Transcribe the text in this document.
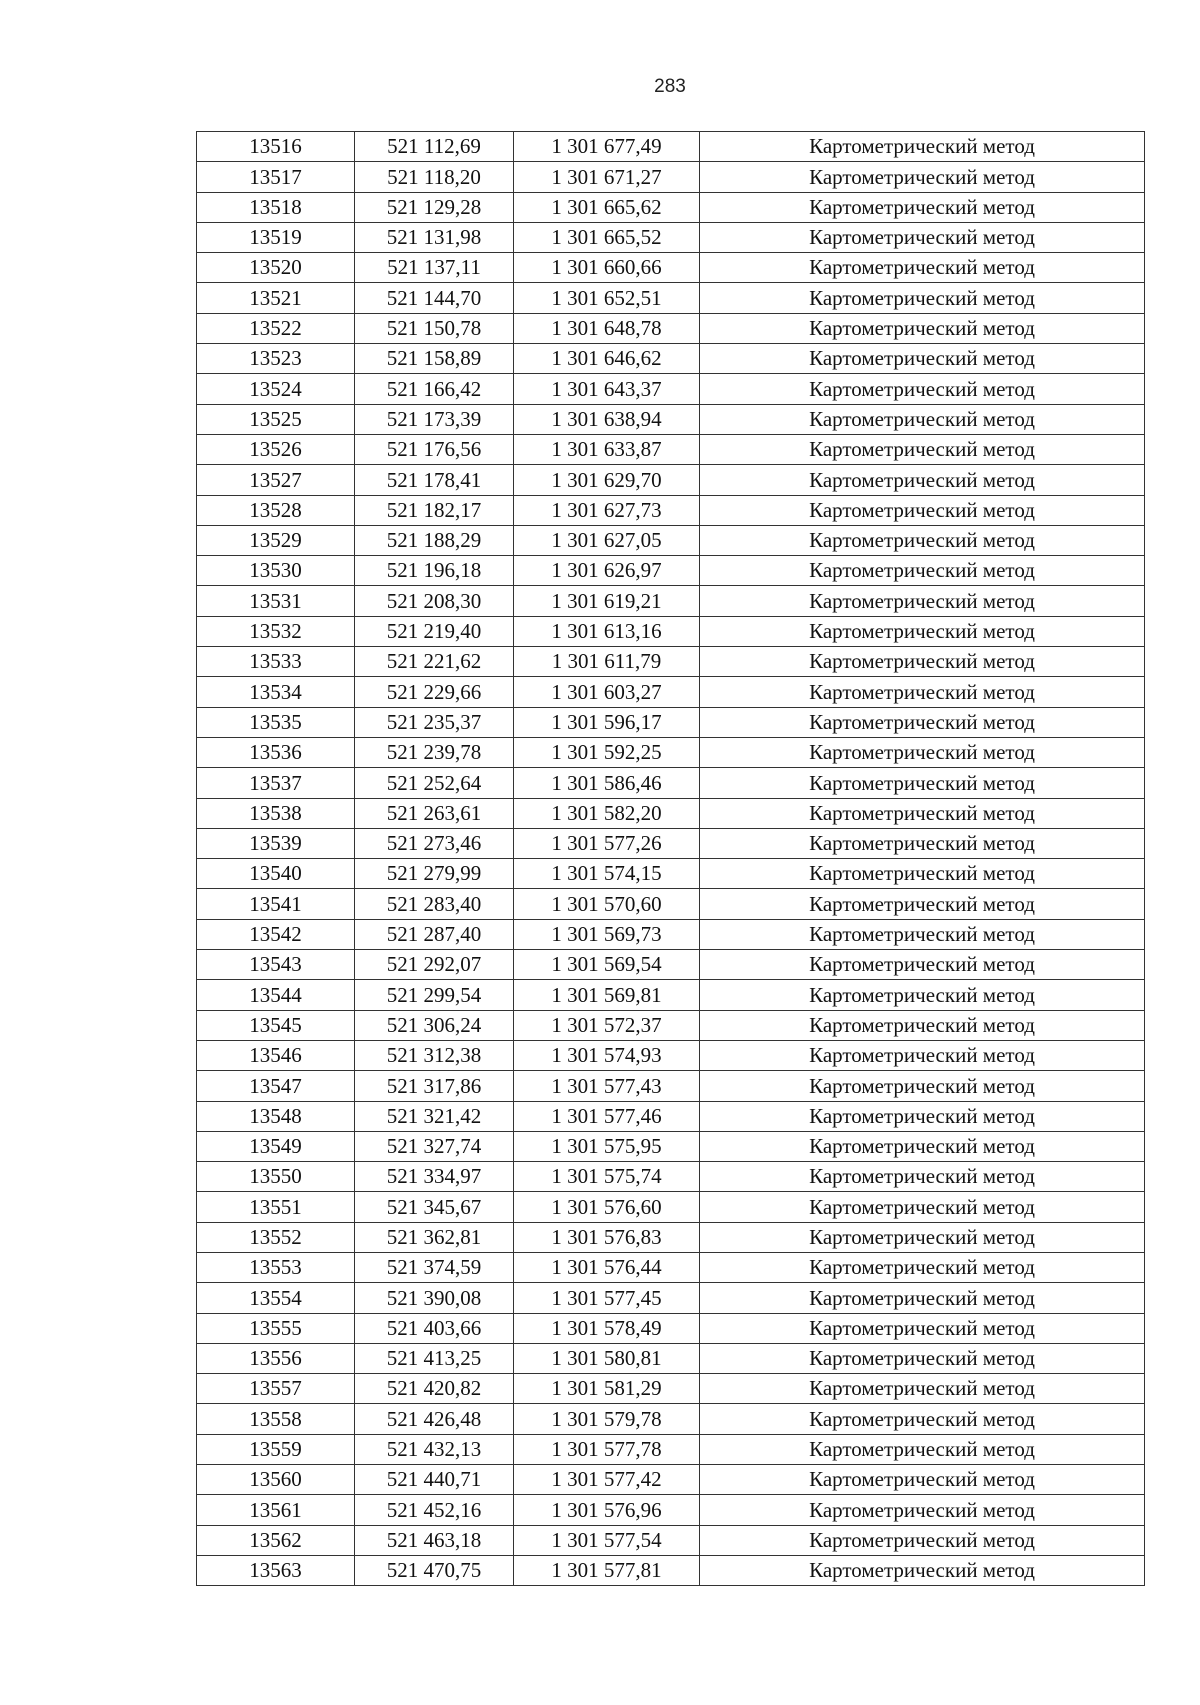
283
13516	521 112,69	1 301 677,49	Картометрический метод
13517	521 118,20	1 301 671,27	Картометрический метод
13518	521 129,28	1 301 665,62	Картометрический метод
13519	521 131,98	1 301 665,52	Картометрический метод
13520	521 137,11	1 301 660,66	Картометрический метод
13521	521 144,70	1 301 652,51	Картометрический метод
13522	521 150,78	1 301 648,78	Картометрический метод
13523	521 158,89	1 301 646,62	Картометрический метод
13524	521 166,42	1 301 643,37	Картометрический метод
13525	521 173,39	1 301 638,94	Картометрический метод
13526	521 176,56	1 301 633,87	Картометрический метод
13527	521 178,41	1 301 629,70	Картометрический метод
13528	521 182,17	1 301 627,73	Картометрический метод
13529	521 188,29	1 301 627,05	Картометрический метод
13530	521 196,18	1 301 626,97	Картометрический метод
13531	521 208,30	1 301 619,21	Картометрический метод
13532	521 219,40	1 301 613,16	Картометрический метод
13533	521 221,62	1 301 611,79	Картометрический метод
13534	521 229,66	1 301 603,27	Картометрический метод
13535	521 235,37	1 301 596,17	Картометрический метод
13536	521 239,78	1 301 592,25	Картометрический метод
13537	521 252,64	1 301 586,46	Картометрический метод
13538	521 263,61	1 301 582,20	Картометрический метод
13539	521 273,46	1 301 577,26	Картометрический метод
13540	521 279,99	1 301 574,15	Картометрический метод
13541	521 283,40	1 301 570,60	Картометрический метод
13542	521 287,40	1 301 569,73	Картометрический метод
13543	521 292,07	1 301 569,54	Картометрический метод
13544	521 299,54	1 301 569,81	Картометрический метод
13545	521 306,24	1 301 572,37	Картометрический метод
13546	521 312,38	1 301 574,93	Картометрический метод
13547	521 317,86	1 301 577,43	Картометрический метод
13548	521 321,42	1 301 577,46	Картометрический метод
13549	521 327,74	1 301 575,95	Картометрический метод
13550	521 334,97	1 301 575,74	Картометрический метод
13551	521 345,67	1 301 576,60	Картометрический метод
13552	521 362,81	1 301 576,83	Картометрический метод
13553	521 374,59	1 301 576,44	Картометрический метод
13554	521 390,08	1 301 577,45	Картометрический метод
13555	521 403,66	1 301 578,49	Картометрический метод
13556	521 413,25	1 301 580,81	Картометрический метод
13557	521 420,82	1 301 581,29	Картометрический метод
13558	521 426,48	1 301 579,78	Картометрический метод
13559	521 432,13	1 301 577,78	Картометрический метод
13560	521 440,71	1 301 577,42	Картометрический метод
13561	521 452,16	1 301 576,96	Картометрический метод
13562	521 463,18	1 301 577,54	Картометрический метод
13563	521 470,75	1 301 577,81	Картометрический метод
